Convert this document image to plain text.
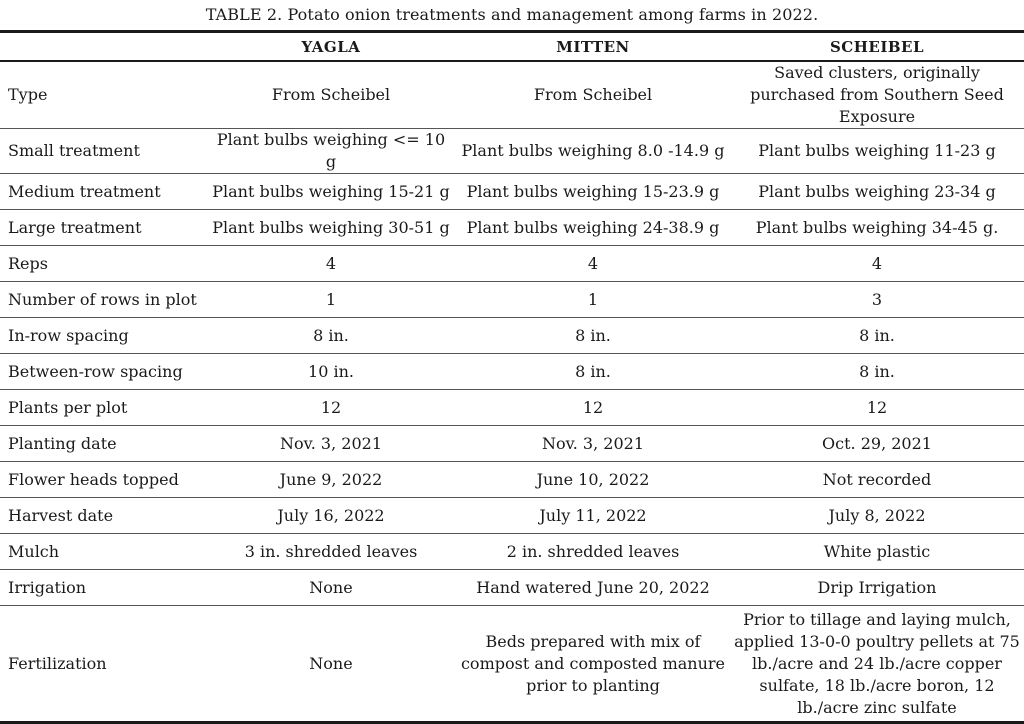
TABLE 2. Potato onion treatments and management among farms in 2022.
	YAGLA	MITTEN	SCHEIBEL
Type	From Scheibel	From Scheibel	Saved clusters, originally purchased from Southern Seed Exposure
Small treatment	Plant bulbs weighing <= 10 g	Plant bulbs weighing 8.0 -14.9 g	Plant bulbs weighing 11-23 g
Medium treatment	Plant bulbs weighing 15-21 g	Plant bulbs weighing 15-23.9 g	Plant bulbs weighing 23-34 g
Large treatment	Plant bulbs weighing 30-51 g	Plant bulbs weighing 24-38.9 g	Plant bulbs weighing 34-45 g.
Reps	4	4	4
Number of rows in plot	1	1	3
In-row spacing	8 in.	8 in.	8 in.
Between-row spacing	10 in.	8 in.	8 in.
Plants per plot	12	12	12
Planting date	Nov. 3, 2021	Nov. 3, 2021	Oct. 29, 2021
Flower heads topped	June 9, 2022	June 10, 2022	Not recorded
Harvest date	July 16, 2022	July 11, 2022	July 8, 2022
Mulch	3 in. shredded leaves	2 in. shredded leaves	White plastic
Irrigation	None	Hand watered June 20, 2022	Drip Irrigation
Fertilization	None	Beds prepared with mix of compost and composted manure prior to planting	Prior to tillage and laying mulch, applied 13-0-0 poultry pellets at 75 lb./acre and 24 lb./acre copper sulfate, 18 lb./acre boron, 12 lb./acre zinc sulfate
